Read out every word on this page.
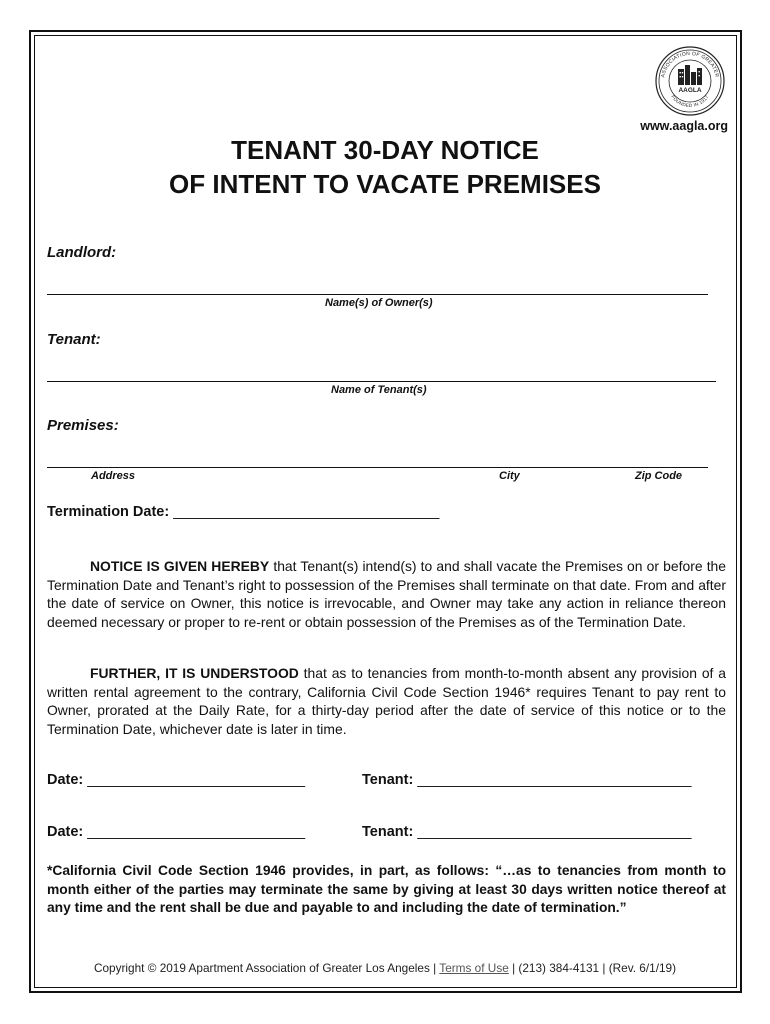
ASSOCIATION OF GREATER
FOUNDED IN 1917
AAGLA
www.aagla.org
TENANT 30-DAY NOTICE
OF INTENT TO VACATE PREMISES
Landlord:
Name(s) of Owner(s)
Tenant:
Name of Tenant(s)
Premises:
Address	City	Zip Code
Termination Date: _________________________________

NOTICE IS GIVEN HEREBY that Tenant(s) intend(s) to and shall vacate the Premises on or before the Termination Date and Tenant’s right to possession of the Premises shall terminate on that date. From and after the date of service on Owner, this notice is irrevocable, and Owner may take any action in reliance thereon deemed necessary or proper to re-rent or obtain possession of the Premises as of the Termination Date.

FURTHER, IT IS UNDERSTOOD that as to tenancies from month-to-month absent any provision of a written rental agreement to the contrary, California Civil Code Section 1946* requires Tenant to pay rent to Owner, prorated at the Daily Rate, for a thirty-day period after the date of service of this notice or to the Termination Date, whichever date is later in time.

Date: ___________________________	Tenant: __________________________________
Date: ___________________________	Tenant: __________________________________

*California Civil Code Section 1946 provides, in part, as follows: “…as to tenancies from month to month either of the parties may terminate the same by giving at least 30 days written notice thereof at any time and the rent shall be due and payable to and including the date of termination.”

Copyright © 2019 Apartment Association of Greater Los Angeles | Terms of Use | (213) 384-4131 | (Rev. 6/1/19)
